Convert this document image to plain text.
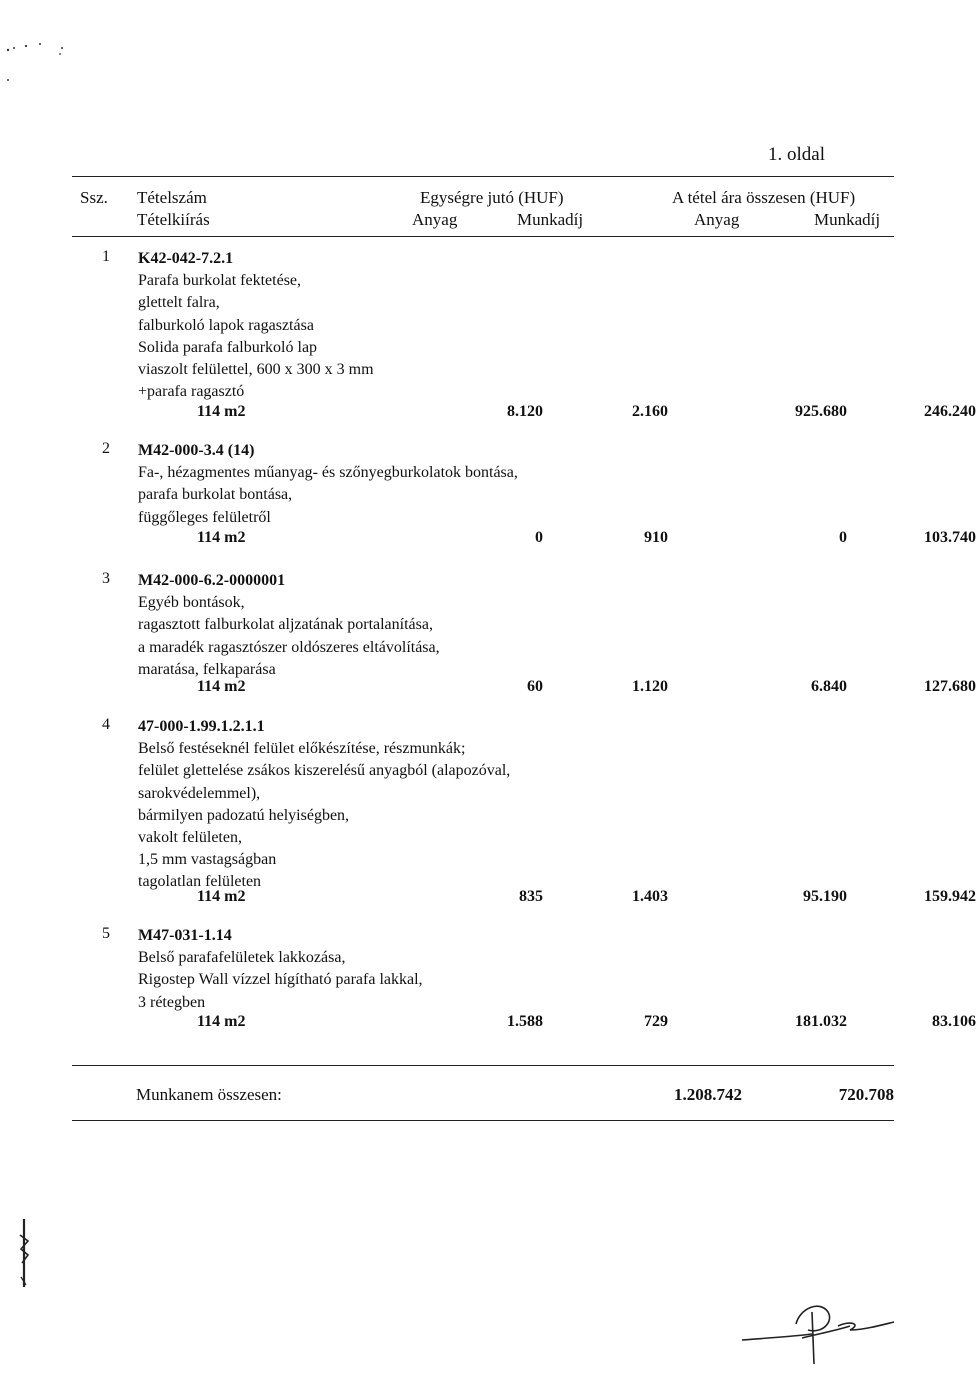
1. oldal
Ssz. Tételszám
Tételkiírás
Egységre jutó (HUF)
Anyag	Munkadíj
A tétel ára összesen (HUF)
Anyag	Munkadíj
1 K42-042-7.2.1
Parafa burkolat fektetése,
glettelt falra,
falburkoló lapok ragasztása
Solida parafa falburkoló lap
viaszolt felülettel, 600 x 300 x 3 mm
+parafa ragasztó
114 m2	8.120	2.160	925.680	246.240
2 M42-000-3.4 (14)
Fa-, hézagmentes műanyag- és szőnyegburkolatok bontása,
parafa burkolat bontása,
függőleges felületről
114 m2	0	910	0	103.740
3 M42-000-6.2-0000001
Egyéb bontások,
ragasztott falburkolat aljzatának portalanítása,
a maradék ragasztószer oldószeres eltávolítása,
maratása, felkaparása
114 m2	60	1.120	6.840	127.680
4 47-000-1.99.1.2.1.1
Belső festéseknél felület előkészítése, részmunkák;
felület glettelése zsákos kiszerelésű anyagból (alapozóval,
sarokvédelemmel),
bármilyen padozatú helyiségben,
vakolt felületen,
1,5 mm vastagságban
tagolatlan felületen
114 m2	835	1.403	95.190	159.942
5 M47-031-1.14
Belső parafafelületek lakkozása,
Rigostep Wall vízzel hígítható parafa lakkal,
3 rétegben
114 m2	1.588	729	181.032	83.106
Munkanem összesen:	1.208.742	720.708
